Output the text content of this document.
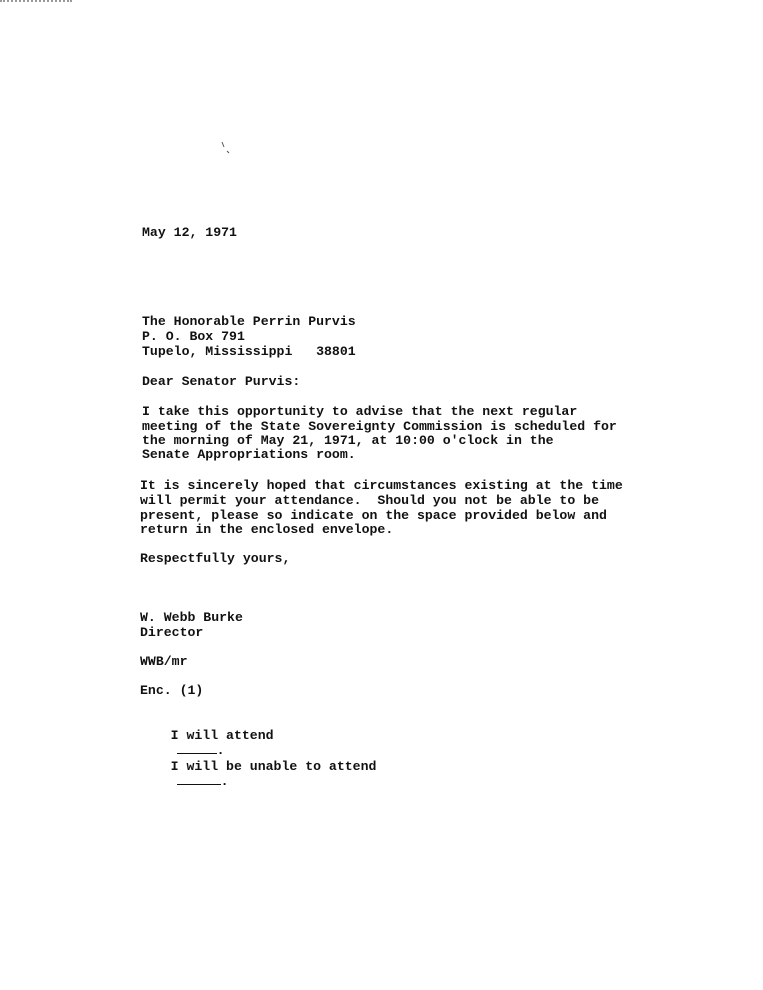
May 12, 1971
The Honorable Perrin Purvis
P. O. Box 791
Tupelo, Mississippi   38801
Dear Senator Purvis:
I take this opportunity to advise that the next regular
meeting of the State Sovereignty Commission is scheduled for
the morning of May 21, 1971, at 10:00 o'clock in the
Senate Appropriations room.
It is sincerely hoped that circumstances existing at the time
will permit your attendance.  Should you not be able to be
present, please so indicate on the space provided below and
return in the enclosed envelope.
Respectfully yours,
W. Webb Burke
Director
WWB/mr
Enc. (1)

I will attend
.

I will be unable to attend
.
